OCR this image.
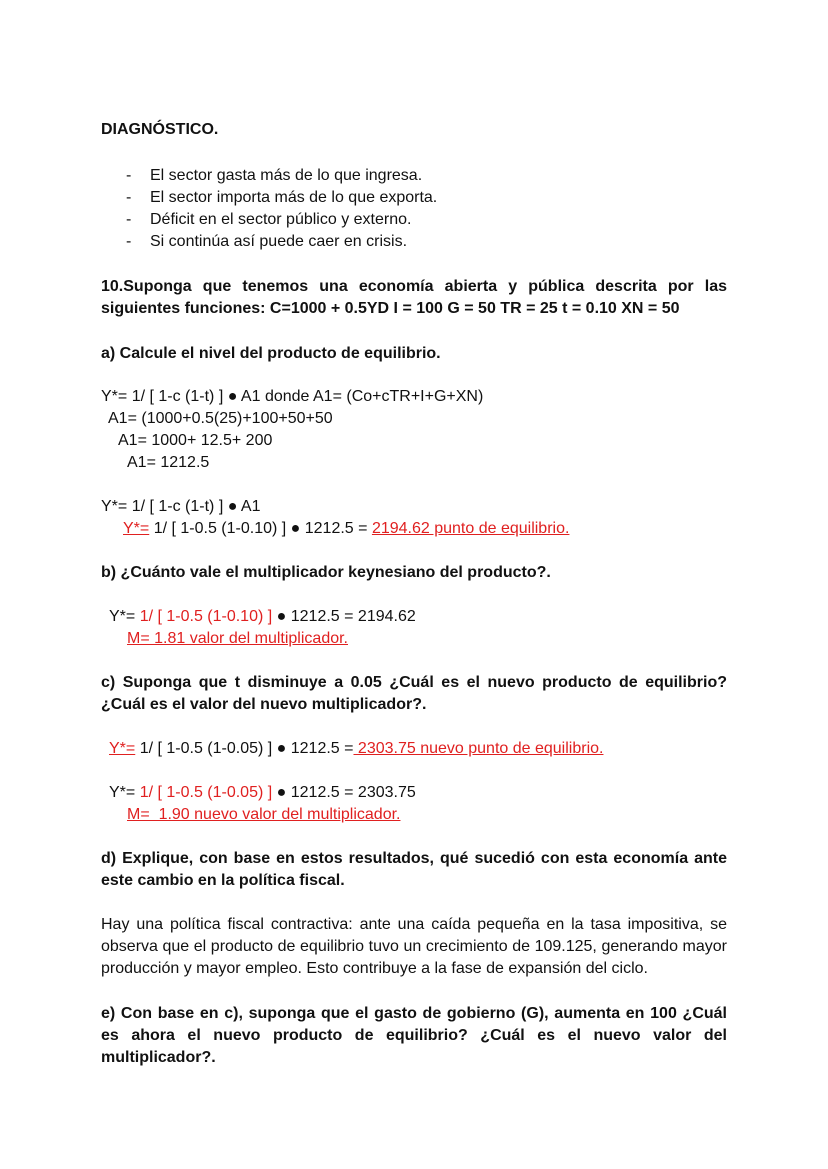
DIAGNÓSTICO.
- El sector gasta más de lo que ingresa.
- El sector importa más de lo que exporta.
- Déficit en el sector público y externo.
- Si continúa así puede caer en crisis.
10.Suponga que tenemos una economía abierta y pública descrita por las siguientes funciones: C=1000 + 0.5YD I = 100 G = 50 TR = 25 t = 0.10 XN = 50
a) Calcule el nivel del producto de equilibrio.
Y*= 1/ [ 1-c (1-t) ] ● A1 donde A1= (Co+cTR+I+G+XN)
A1= (1000+0.5(25)+100+50+50
A1= 1000+ 12.5+ 200
A1= 1212.5
Y*= 1/ [ 1-c (1-t) ] ● A1
Y*= 1/ [ 1-0.5 (1-0.10) ] ● 1212.5 = 2194.62 punto de equilibrio.
b) ¿Cuánto vale el multiplicador keynesiano del producto?.
Y*= 1/ [ 1-0.5 (1-0.10) ] ● 1212.5 = 2194.62
M= 1.81 valor del multiplicador.
c) Suponga que t disminuye a 0.05 ¿Cuál es el nuevo producto de equilibrio? ¿Cuál es el valor del nuevo multiplicador?.
Y*= 1/ [ 1-0.5 (1-0.05) ] ● 1212.5 = 2303.75 nuevo punto de equilibrio.
Y*= 1/ [ 1-0.5 (1-0.05) ] ● 1212.5 = 2303.75
M=  1.90 nuevo valor del multiplicador.
d) Explique, con base en estos resultados, qué sucedió con esta economía ante este cambio en la política fiscal.
Hay una política fiscal contractiva: ante una caída pequeña en la tasa impositiva, se observa que el producto de equilibrio tuvo un crecimiento de 109.125, generando mayor producción y mayor empleo. Esto contribuye a la fase de expansión del ciclo.
e) Con base en c), suponga que el gasto de gobierno (G), aumenta en 100 ¿Cuál es ahora el nuevo producto de equilibrio? ¿Cuál es el nuevo valor del multiplicador?.
